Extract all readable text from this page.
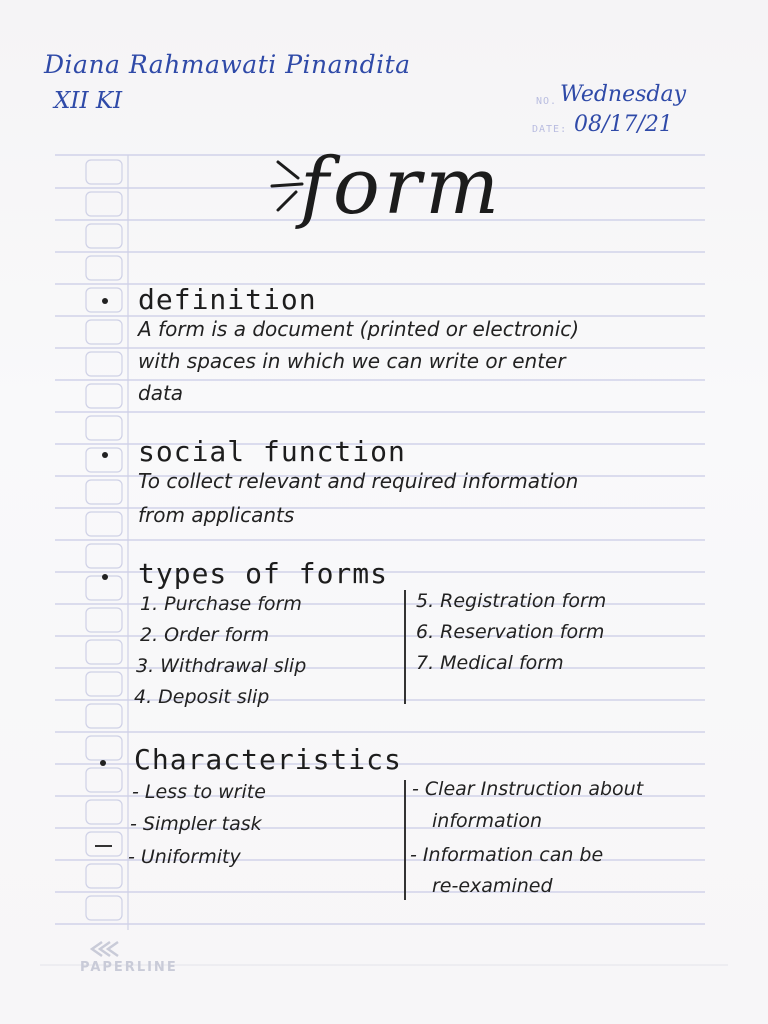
Diana Rahmawati Pinandita
XII KI	NO. Wednesday
DATE: 08/17/21
form
definition
A form is a document (printed or electronic)
with spaces in which we can write or enter
data
social function
To collect relevant and required information
from applicants
types of forms
1. Purchase form
2. Order form
3. Withdrawal slip
4. Deposit slip
5. Registration form
6. Reservation form
7. Medical form
Characteristics
- Less to write
- Simpler task
- Uniformity
- Clear Instruction about
information
- Information can be
re-examined
PAPERLINE
